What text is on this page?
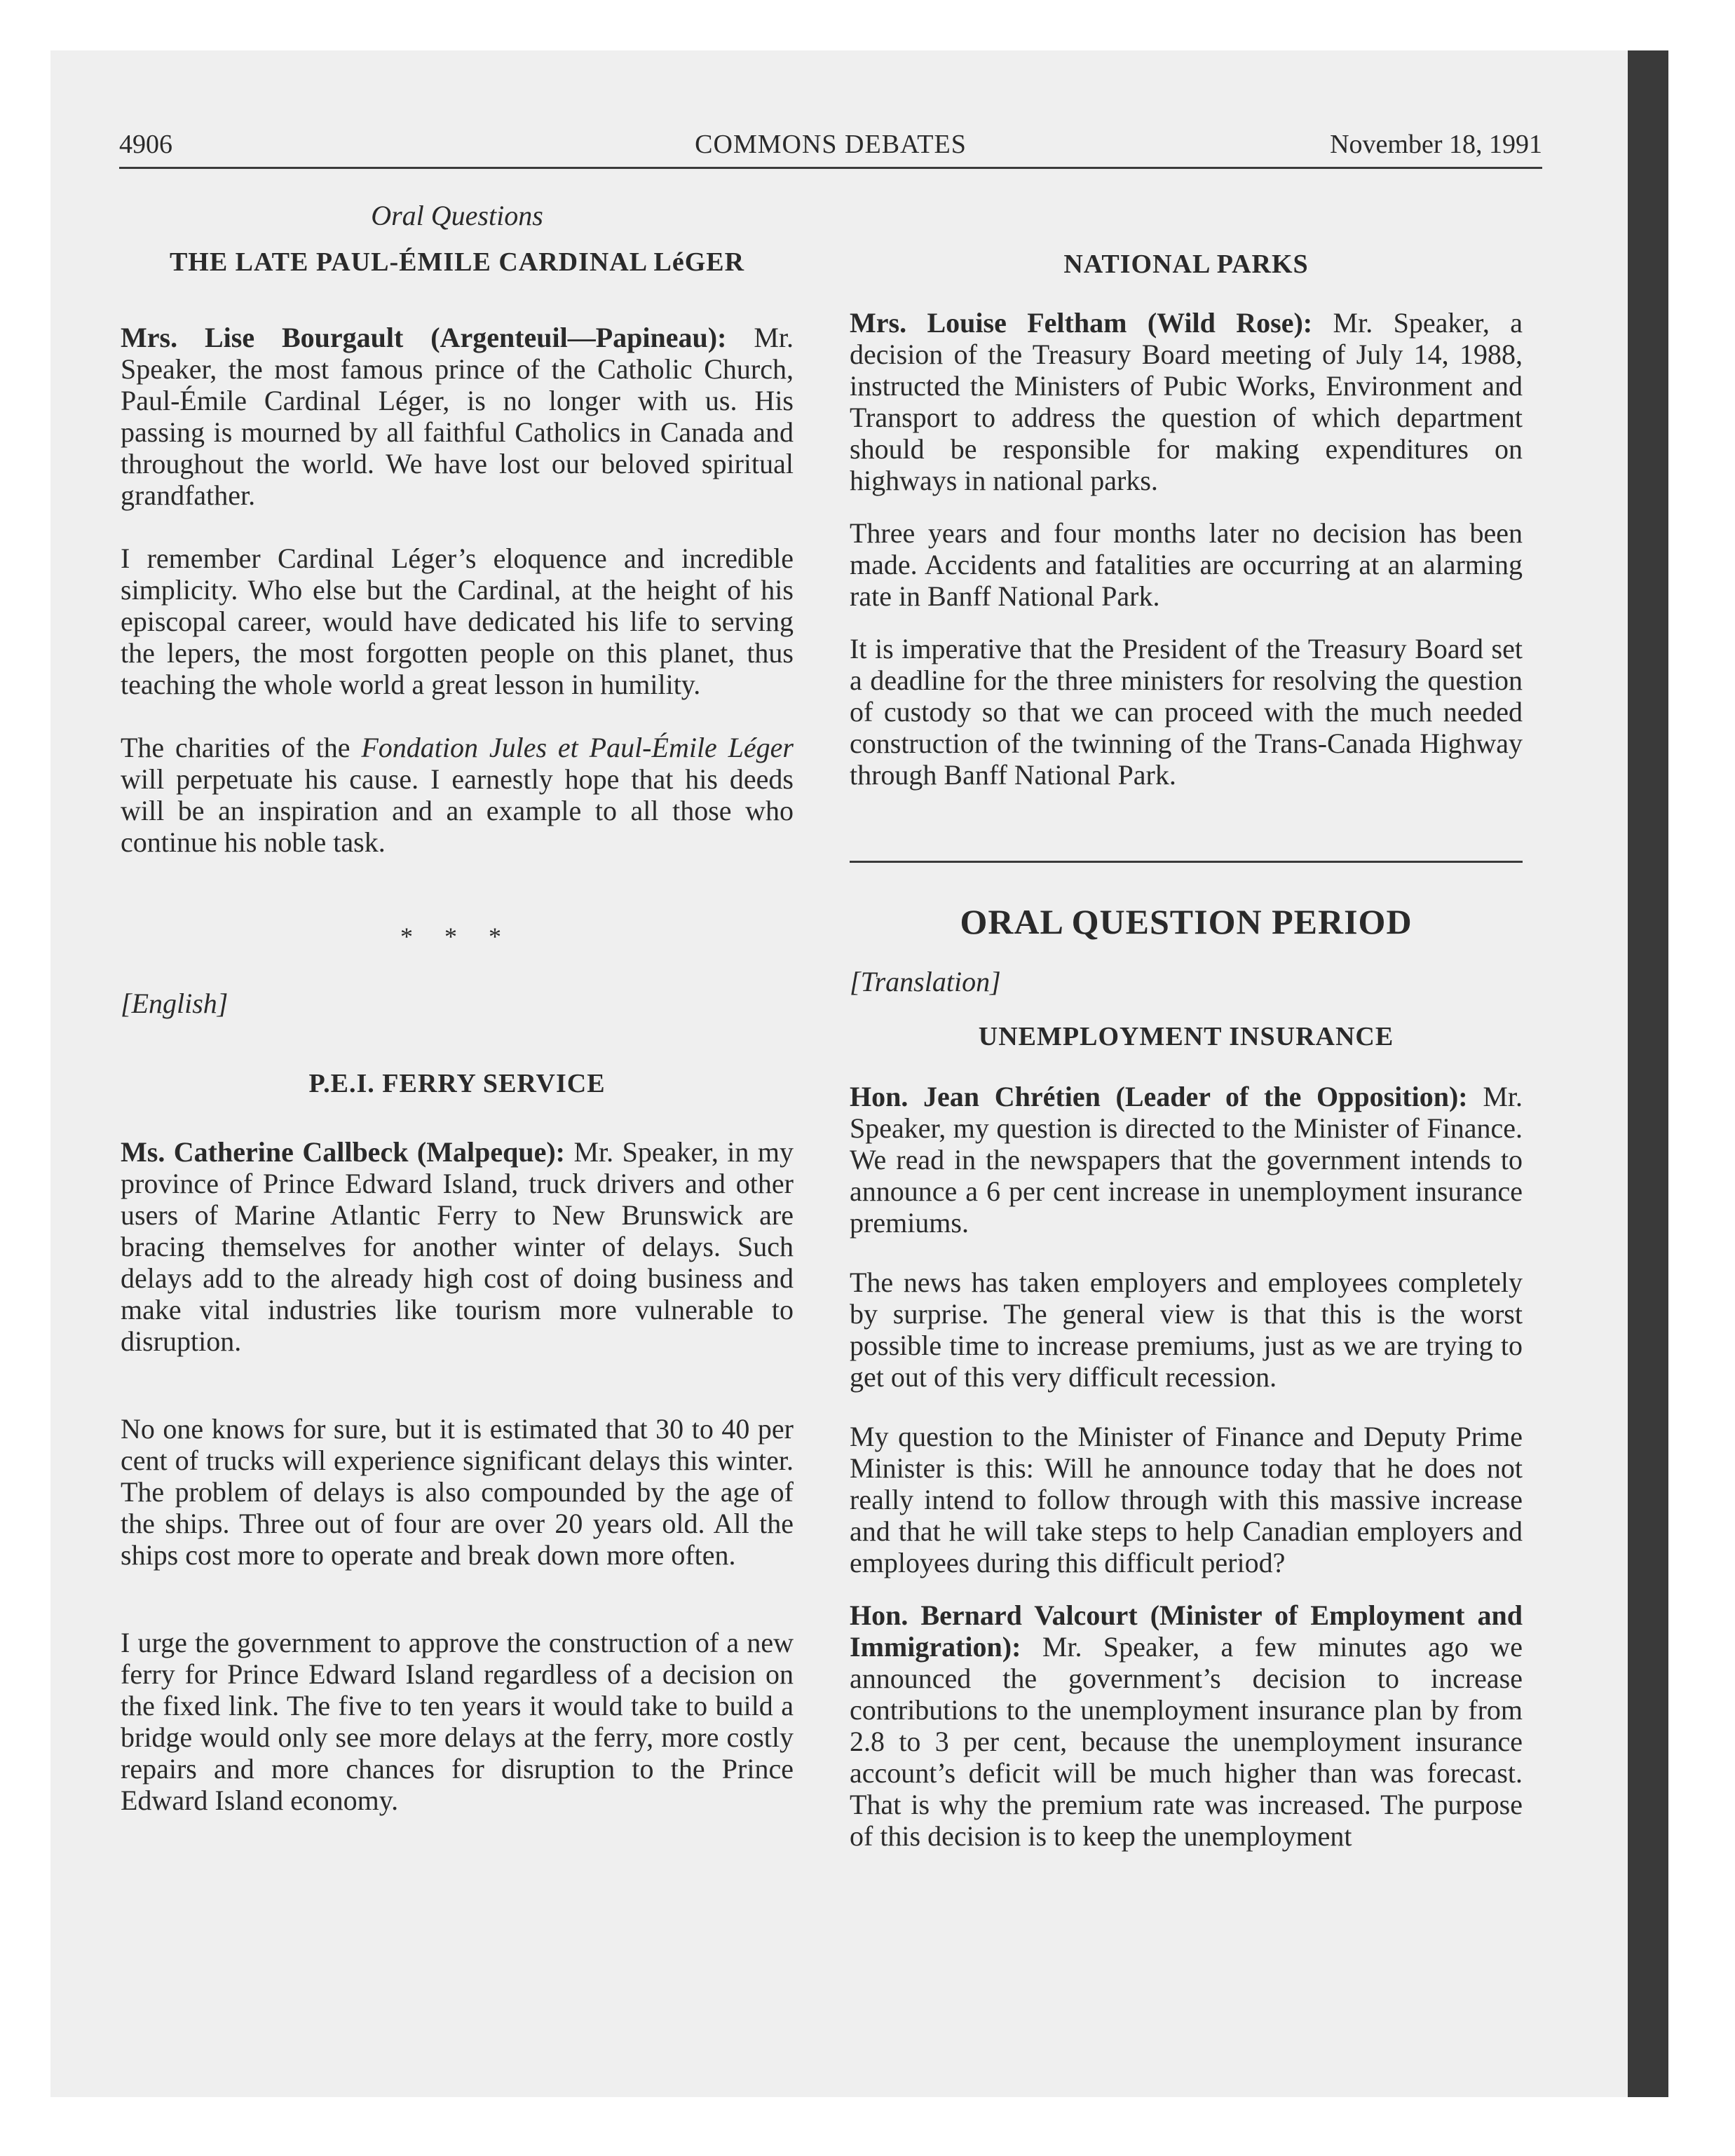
4906	COMMONS DEBATES	November 18, 1991
Oral Questions
THE LATE PAUL-ÉMILE CARDINAL LéGER

Mrs. Lise Bourgault (Argenteuil—Papineau): Mr. Speaker, the most famous prince of the Catholic Church, Paul-Émile Cardinal Léger, is no longer with us. His passing is mourned by all faithful Catholics in Canada and throughout the world. We have lost our beloved spiritual grandfather.

I remember Cardinal Léger’s eloquence and incredible simplicity. Who else but the Cardinal, at the height of his episcopal career, would have dedicated his life to serving the lepers, the most forgotten people on this planet, thus teaching the whole world a great lesson in humility.

The charities of the Fondation Jules et Paul-Émile Léger will perpetuate his cause. I earnestly hope that his deeds will be an inspiration and an example to all those who continue his noble task.

* * *
[English]
P.E.I. FERRY SERVICE

Ms. Catherine Callbeck (Malpeque): Mr. Speaker, in my province of Prince Edward Island, truck drivers and other users of Marine Atlantic Ferry to New Brunswick are bracing themselves for another winter of delays. Such delays add to the already high cost of doing business and make vital industries like tourism more vulnerable to disruption.

No one knows for sure, but it is estimated that 30 to 40 per cent of trucks will experience significant delays this winter. The problem of delays is also compounded by the age of the ships. Three out of four are over 20 years old. All the ships cost more to operate and break down more often.

I urge the government to approve the construction of a new ferry for Prince Edward Island regardless of a decision on the fixed link. The five to ten years it would take to build a bridge would only see more delays at the ferry, more costly repairs and more chances for disruption to the Prince Edward Island economy.

NATIONAL PARKS

Mrs. Louise Feltham (Wild Rose): Mr. Speaker, a decision of the Treasury Board meeting of July 14, 1988, instructed the Ministers of Pubic Works, Environment and Transport to address the question of which department should be responsible for making expenditures on highways in national parks.

Three years and four months later no decision has been made. Accidents and fatalities are occurring at an alarming rate in Banff National Park.

It is imperative that the President of the Treasury Board set a deadline for the three ministers for resolving the question of custody so that we can proceed with the much needed construction of the twinning of the Trans-Canada Highway through Banff National Park.

ORAL QUESTION PERIOD
[Translation]
UNEMPLOYMENT INSURANCE

Hon. Jean Chrétien (Leader of the Opposition): Mr. Speaker, my question is directed to the Minister of Finance. We read in the newspapers that the government intends to announce a 6 per cent increase in unemployment insurance premiums.

The news has taken employers and employees completely by surprise. The general view is that this is the worst possible time to increase premiums, just as we are trying to get out of this very difficult recession.

My question to the Minister of Finance and Deputy Prime Minister is this: Will he announce today that he does not really intend to follow through with this massive increase and that he will take steps to help Canadian employers and employees during this difficult period?

Hon. Bernard Valcourt (Minister of Employment and Immigration): Mr. Speaker, a few minutes ago we announced the government’s decision to increase contributions to the unemployment insurance plan by from 2.8 to 3 per cent, because the unemployment insurance account’s deficit will be much higher than was forecast. That is why the premium rate was increased. The purpose of this decision is to keep the unemployment
